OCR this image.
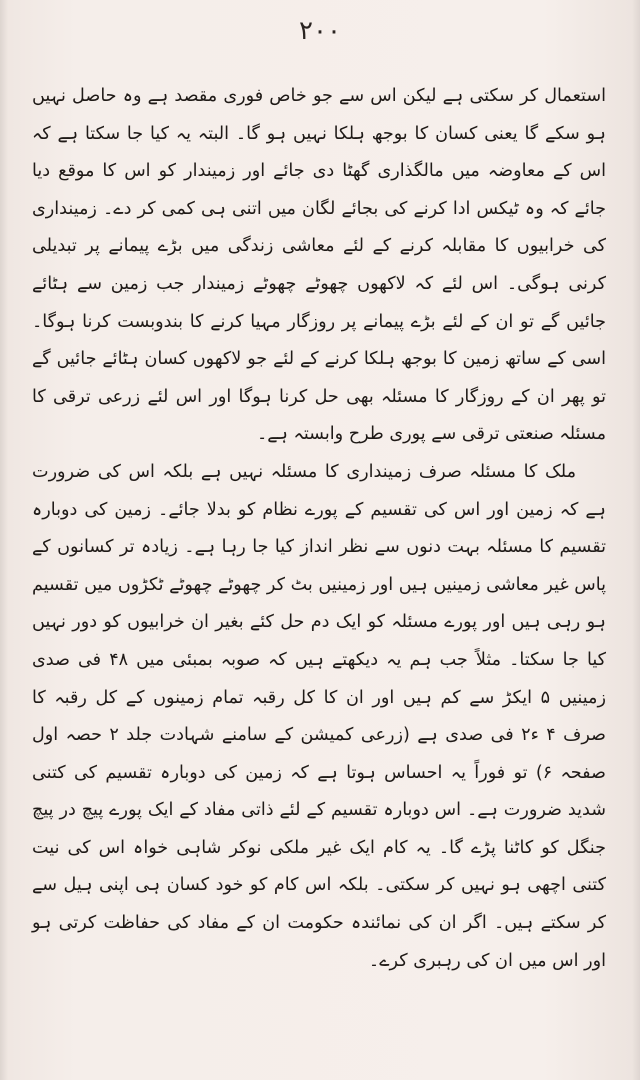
۲۰۰

استعمال کر سکتی ہے لیکن اس سے جو خاص فوری مقصد ہے وہ حاصل نہیں ہو سکے گا یعنی کسان کا بوجھ ہلکا نہیں ہو گا۔ البتہ یہ کیا جا سکتا ہے کہ اس کے معاوضہ میں مالگذاری گھٹا دی جائے اور زمیندار کو اس کا موقع دیا جائے کہ وہ ٹیکس ادا کرنے کی بجائے لگان میں اتنی ہی کمی کر دے۔ زمینداری کی خرابیوں کا مقابلہ کرنے کے لئے معاشی زندگی میں بڑے پیمانے پر تبدیلی کرنی ہوگی۔ اس لئے کہ لاکھوں چھوٹے چھوٹے زمیندار جب زمین سے ہٹائے جائیں گے تو ان کے لئے بڑے پیمانے پر روزگار مہیا کرنے کا بندوبست کرنا ہوگا۔ اسی کے ساتھ زمین کا بوجھ ہلکا کرنے کے لئے جو لاکھوں کسان ہٹائے جائیں گے تو پھر ان کے روزگار کا مسئلہ بھی حل کرنا ہوگا اور اس لئے زرعی ترقی کا مسئلہ صنعتی ترقی سے پوری طرح وابستہ ہے۔

ملک کا مسئلہ صرف زمینداری کا مسئلہ نہیں ہے بلکہ اس کی ضرورت ہے کہ زمین اور اس کی تقسیم کے پورے نظام کو بدلا جائے۔ زمین کی دوبارہ تقسیم کا مسئلہ بہت دنوں سے نظر انداز کیا جا رہا ہے۔ زیادہ تر کسانوں کے پاس غیر معاشی زمینیں ہیں اور زمینیں بٹ کر چھوٹے چھوٹے ٹکڑوں میں تقسیم ہو رہی ہیں اور پورے مسئلہ کو ایک دم حل کئے بغیر ان خرابیوں کو دور نہیں کیا جا سکتا۔ مثلاً جب ہم یہ دیکھتے ہیں کہ صوبہ بمبئی میں ۴۸ فی صدی زمینیں ۵ ایکڑ سے کم ہیں اور ان کا کل رقبہ تمام زمینوں کے کل رقبہ کا صرف ۴ ء۲ فی صدی ہے (زرعی کمیشن کے سامنے شہادت جلد ۲ حصہ اول صفحہ ۶) تو فوراً یہ احساس ہوتا ہے کہ زمین کی دوبارہ تقسیم کی کتنی شدید ضرورت ہے۔ اس دوبارہ تقسیم کے لئے ذاتی مفاد کے ایک پورے پیچ در پیچ جنگل کو کاٹنا پڑے گا۔ یہ کام ایک غیر ملکی نوکر شاہی خواہ اس کی نیت کتنی اچھی ہو نہیں کر سکتی۔ بلکہ اس کام کو خود کسان ہی اپنی ہیل سے کر سکتے ہیں۔ اگر ان کی نمائندہ حکومت ان کے مفاد کی حفاظت کرتی ہو اور اس میں ان کی رہبری کرے۔
